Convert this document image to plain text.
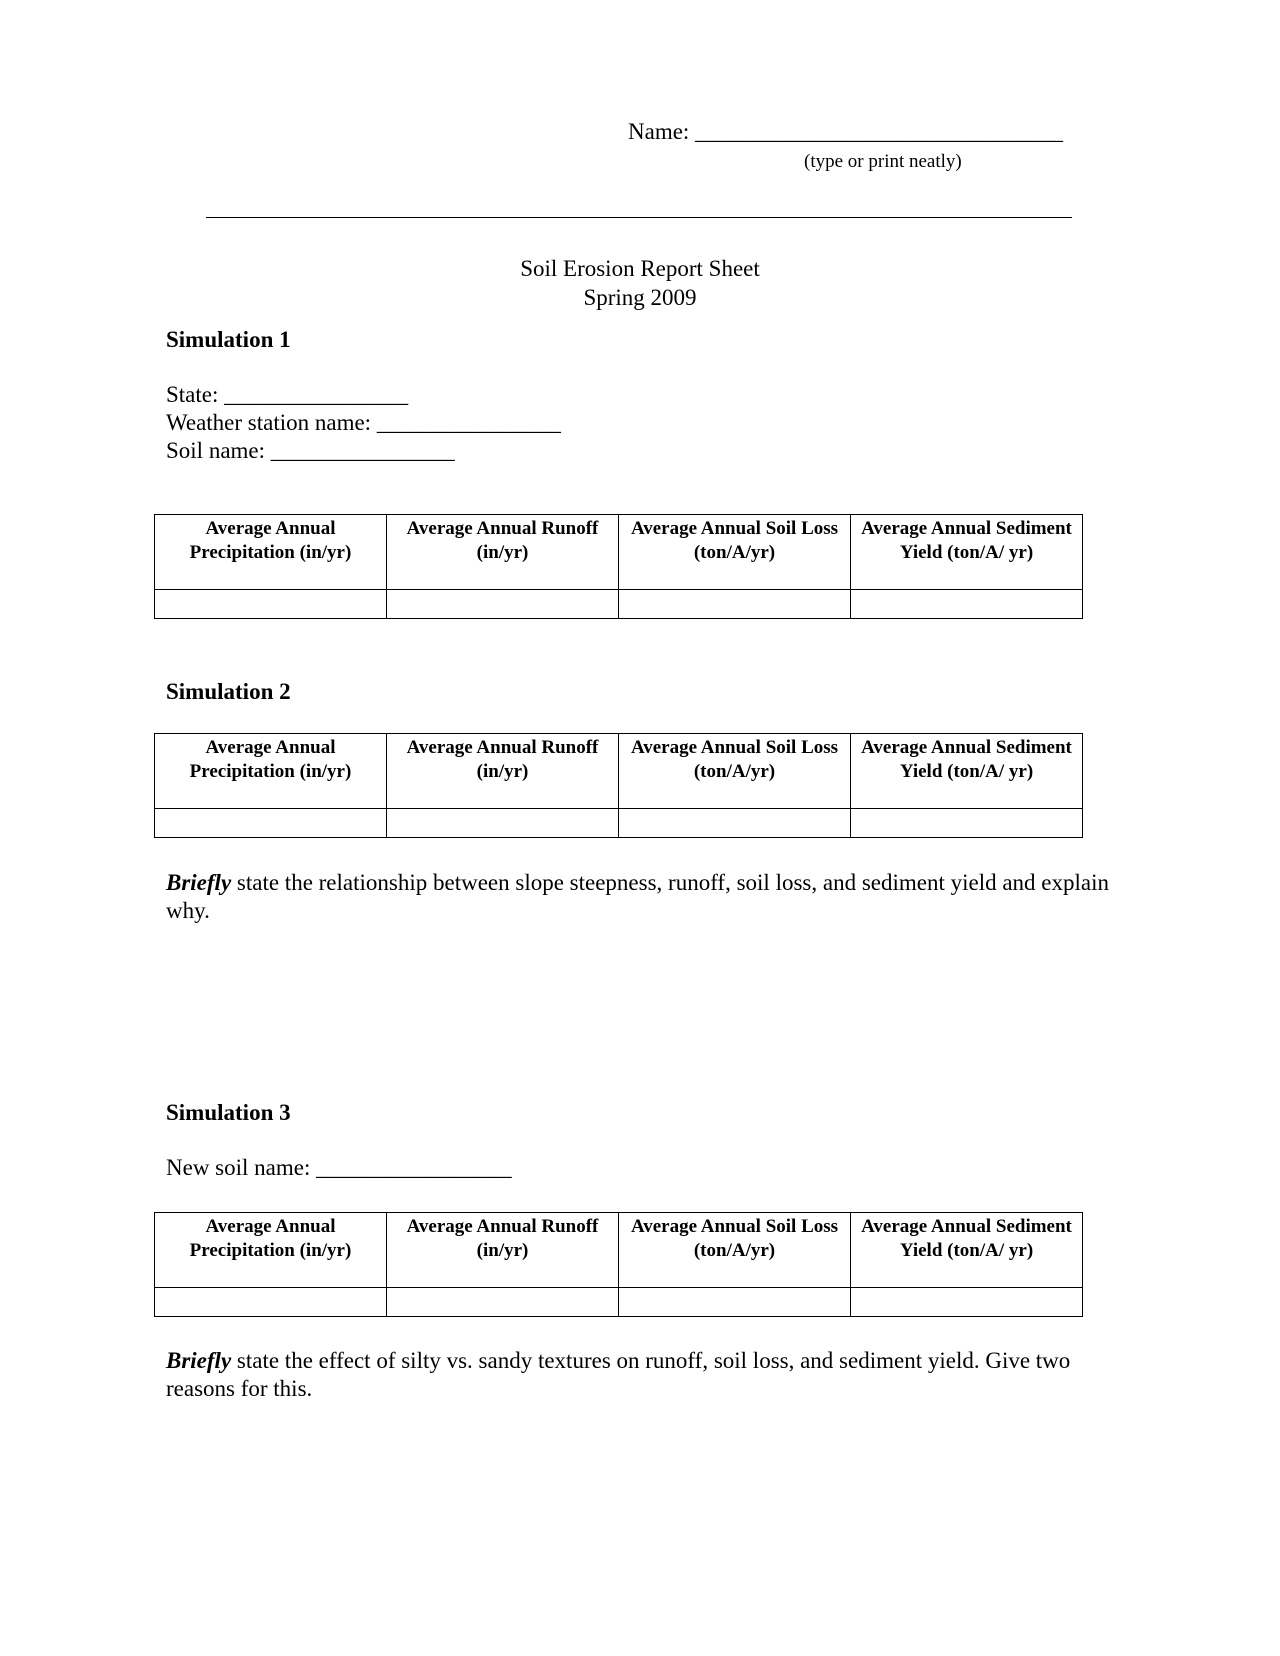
Name: ________________________________
(type or print neatly)
Soil Erosion Report Sheet
Spring 2009
Simulation 1
State: ________________
Weather station name: ________________
Soil name: ________________
Average Annual Precipitation (in/yr)	Average Annual Runoff (in/yr)	Average Annual Soil Loss (ton/A/yr)	Average Annual Sediment Yield (ton/A/ yr)

Simulation 2
Average Annual Precipitation (in/yr)	Average Annual Runoff (in/yr)	Average Annual Soil Loss (ton/A/yr)	Average Annual Sediment Yield (ton/A/ yr)

Briefly state the relationship between slope steepness, runoff, soil loss, and sediment yield and explain why.
Simulation 3
New soil name: _________________
Average Annual Precipitation (in/yr)	Average Annual Runoff (in/yr)	Average Annual Soil Loss (ton/A/yr)	Average Annual Sediment Yield (ton/A/ yr)

Briefly state the effect of silty vs. sandy textures on runoff, soil loss, and sediment yield. Give two reasons for this.
